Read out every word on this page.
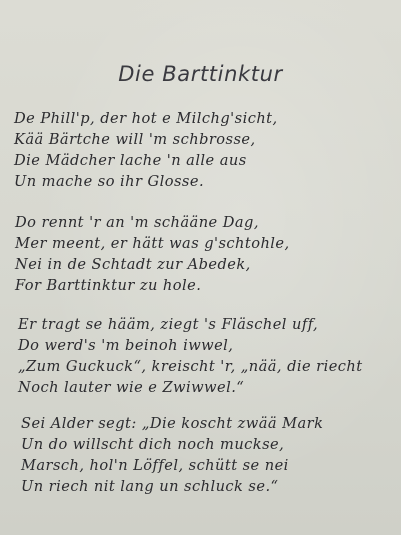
Die Barttinktur
De Phill'p, der hot e Milchg'sicht,
Kää Bärtche will 'm schbrosse,
Die Mädcher lache 'n alle aus
Un mache so ihr Glosse.
Do rennt 'r an 'm schääne Dag,
Mer meent, er hätt was g'schtohle,
Nei in de Schtadt zur Abedek,
For Barttinktur zu hole.
Er tragt se hääm, ziegt 's Fläschel uff,
Do werd's 'm beinoh iwwel,
„Zum Guckuck“, kreischt 'r, „nää, die riecht
Noch lauter wie e Zwiwwel.“
Sei Alder segt: „Die koscht zwää Mark
Un do willscht dich noch muckse,
Marsch, hol'n Löffel, schütt se nei
Un riech nit lang un schluck se.“
